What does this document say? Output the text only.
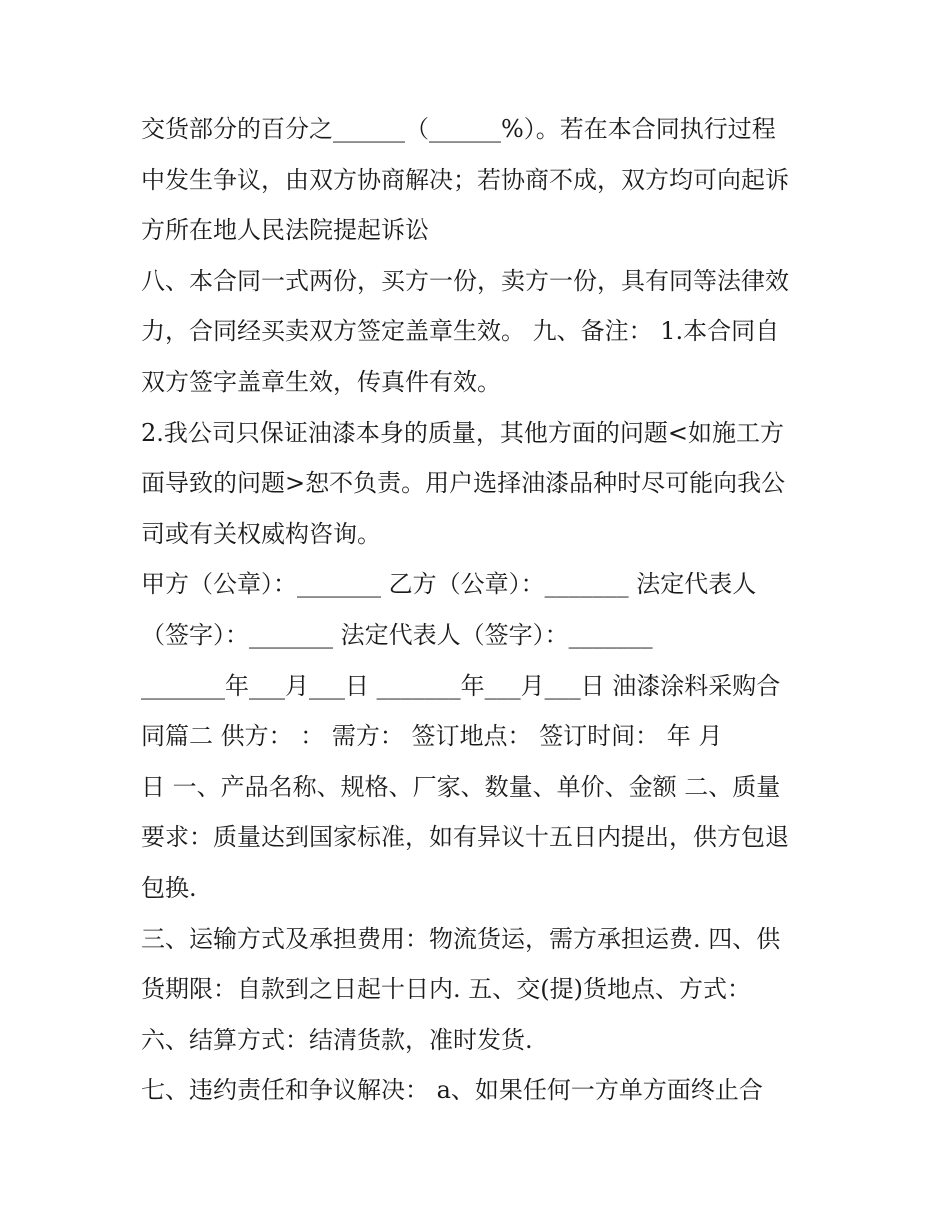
交货部分的百分之______（______%）。若在本合同执行过程
中发生争议，由双方协商解决；若协商不成，双方均可向起诉
方所在地人民法院提起诉讼
八、本合同一式两份，买方一份，卖方一份，具有同等法律效
力，合同经买卖双方签定盖章生效。 九、备注： 1.本合同自
双方签字盖章生效，传真件有效。
2.我公司只保证油漆本身的质量，其他方面的问题<如施工方
面导致的问题>恕不负责。用户选择油漆品种时尽可能向我公
司或有关权威构咨询。
甲方（公章）：_______ 乙方（公章）：_______ 法定代表人
（签字）：_______ 法定代表人（签字）：_______
_______年___月___日 _______年___月___日 油漆涂料采购合
同篇二 供方： ： 需方： 签订地点： 签订时间： 年 月
日 一、产品名称、规格、厂家、数量、单价、金额 二、质量
要求：质量达到国家标准，如有异议十五日内提出，供方包退
包换.
三、运输方式及承担费用：物流货运，需方承担运费. 四、供
货期限：自款到之日起十日内. 五、交(提)货地点、方式：
六、结算方式：结清货款，准时发货.
七、违约责任和争议解决： a、如果任何一方单方面终止合
